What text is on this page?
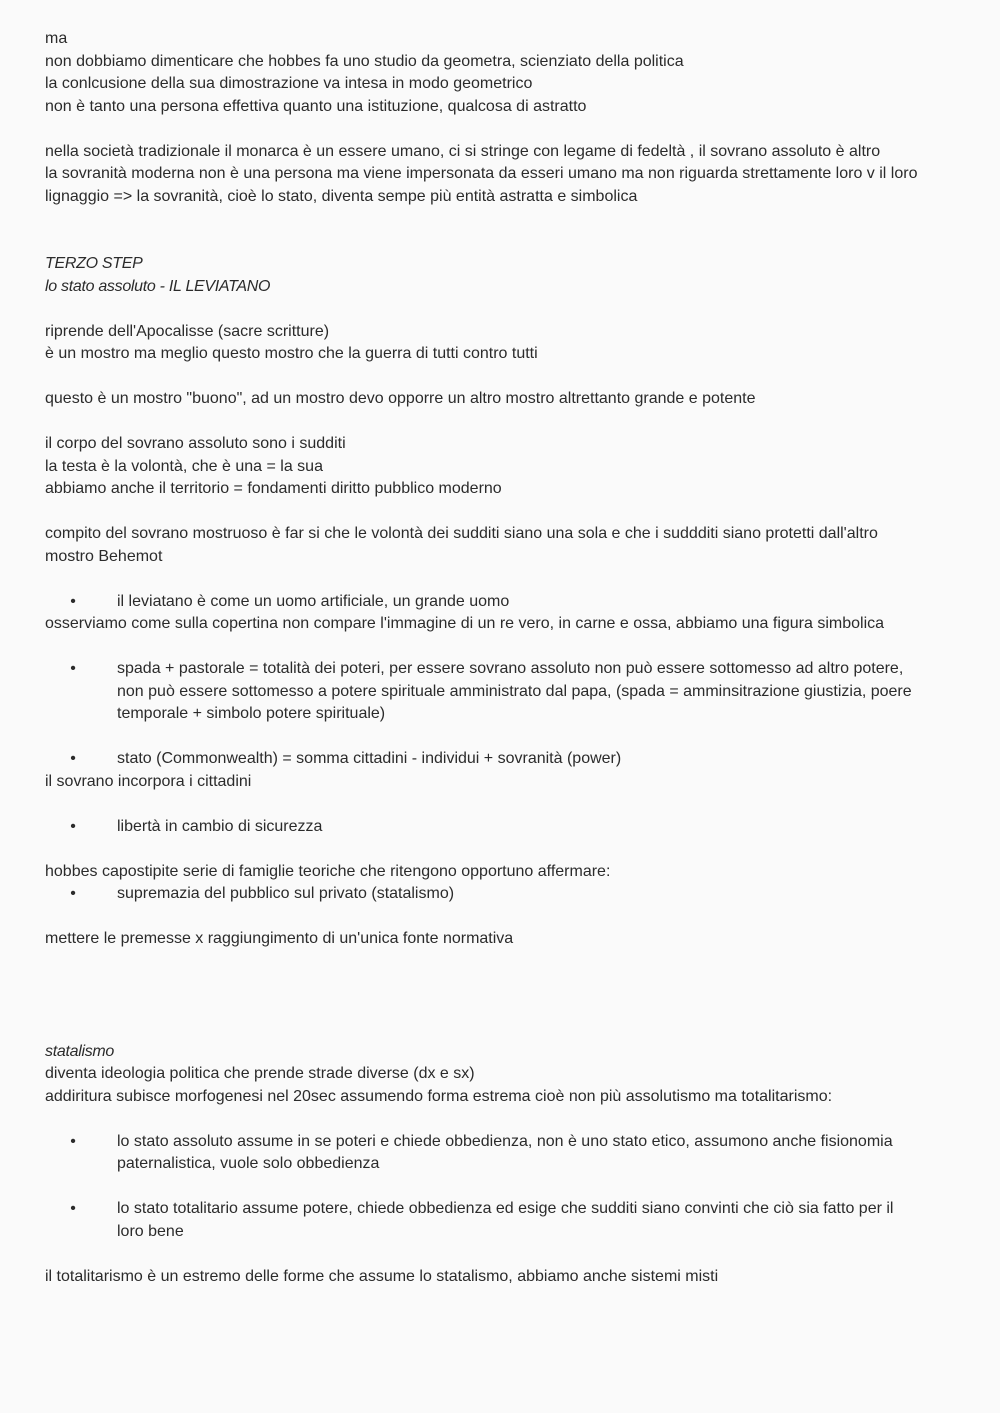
ma
non dobbiamo dimenticare che hobbes fa uno studio da geometra, scienziato della politica
la conlcusione della sua dimostrazione va intesa in modo geometrico
non è tanto una persona effettiva quanto una istituzione, qualcosa di astratto
nella società tradizionale il monarca è un essere umano, ci si stringe con legame di fedeltà , il sovrano assoluto è altro
la sovranità moderna non è una persona ma viene impersonata da esseri umano ma non riguarda strettamente loro v il loro
lignaggio => la sovranità, cioè lo stato, diventa sempe più entità astratta e simbolica
TERZO STEP
lo stato assoluto - IL LEVIATANO
riprende dell'Apocalisse (sacre scritture)
è un mostro ma meglio questo mostro che la guerra di tutti contro tutti
questo è un mostro "buono", ad un mostro devo opporre un altro mostro altrettanto grande e potente
il corpo del sovrano assoluto sono i sudditi
la testa è la volontà, che è una = la sua
abbiamo anche il territorio = fondamenti diritto pubblico moderno
compito del sovrano mostruoso è far si che le volontà dei sudditi siano una sola e che i suddditi siano protetti dall'altro
mostro Behemot
•	il leviatano è come un uomo artificiale, un grande uomo
osserviamo come sulla copertina non compare l'immagine di un re vero, in carne e ossa, abbiamo una figura simbolica
•	spada + pastorale = totalità dei poteri, per essere sovrano assoluto non può essere sottomesso ad altro potere,
non può essere sottomesso a potere spirituale amministrato dal papa, (spada = amminsitrazione giustizia, poere
temporale + simbolo potere spirituale)
•	stato (Commonwealth) = somma cittadini - individui + sovranità (power)
il sovrano incorpora i cittadini
•	libertà in cambio di sicurezza
hobbes capostipite serie di famiglie teoriche che ritengono opportuno affermare:
•	supremazia del pubblico sul privato (statalismo)
mettere le premesse x raggiungimento di un'unica fonte normativa
statalismo
diventa ideologia politica che prende strade diverse (dx e sx)
addiritura subisce morfogenesi nel 20sec assumendo forma estrema cioè non più assolutismo ma totalitarismo:
•	lo stato assoluto assume in se poteri e chiede obbedienza, non è uno stato etico, assumono anche fisionomia
paternalistica, vuole solo obbedienza
•	lo stato totalitario assume potere, chiede obbedienza ed esige che sudditi siano convinti che ciò sia fatto per il
loro bene
il totalitarismo è un estremo delle forme che assume lo statalismo, abbiamo anche sistemi misti
